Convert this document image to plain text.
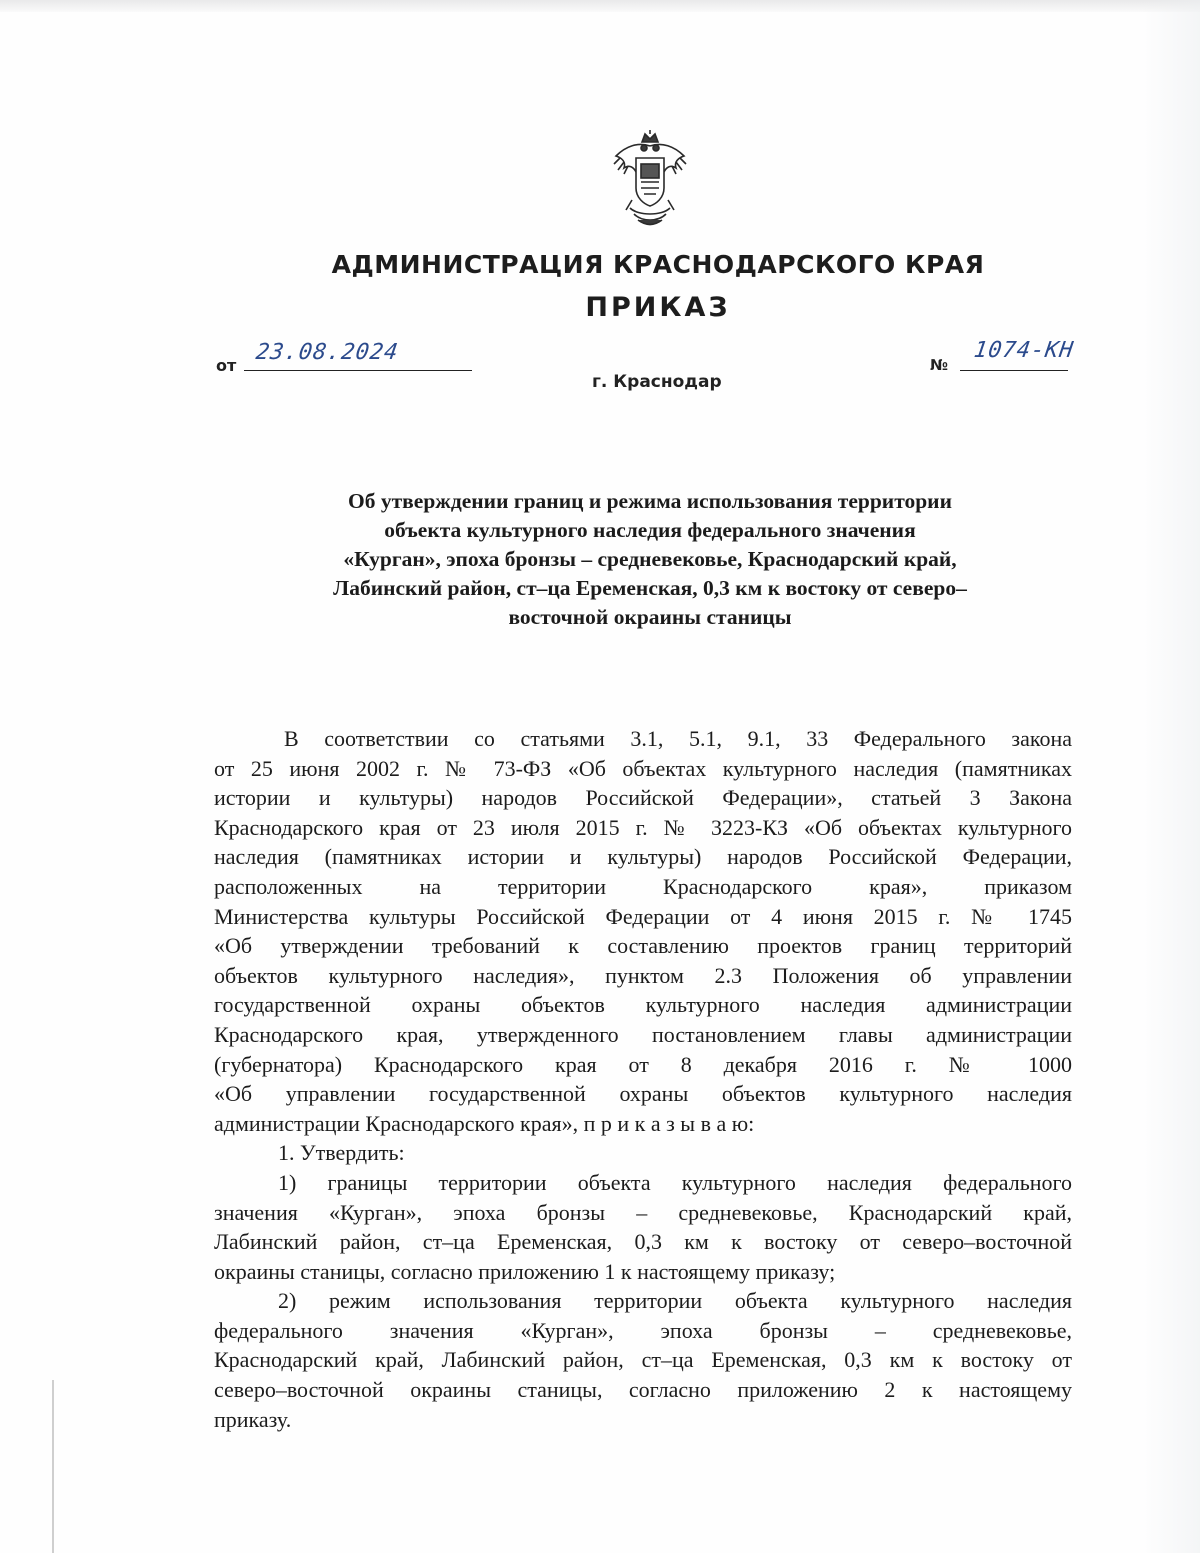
АДМИНИСТРАЦИЯ КРАСНОДАРСКОГО КРАЯ
ПРИКАЗ
от
23.08.2024	№
1074-КН
г. Краснодар
Об утверждении границ и режима использования территории
объекта культурного наследия федерального значения
«Курган», эпоха бронзы – средневековье, Краснодарский край,
Лабинский район, ст–ца Еременская, 0,3 км к востоку от северо–
восточной окраины станицы
В соответствии со статьями 3.1, 5.1, 9.1, 33 Федерального закона
от 25 июня 2002 г. № 73-ФЗ «Об объектах культурного наследия (памятниках
истории и культуры) народов Российской Федерации», статьей 3 Закона
Краснодарского края от 23 июля 2015 г. № 3223-КЗ «Об объектах культурного
наследия (памятниках истории и культуры) народов Российской Федерации,
расположенных на территории Краснодарского края», приказом
Министерства культуры Российской Федерации от 4 июня 2015 г. № 1745
«Об утверждении требований к составлению проектов границ территорий
объектов культурного наследия», пунктом 2.3 Положения об управлении
государственной охраны объектов культурного наследия администрации
Краснодарского края, утвержденного постановлением главы администрации
(губернатора) Краснодарского края от 8 декабря 2016 г. № 1000
«Об управлении государственной охраны объектов культурного наследия
администрации Краснодарского края», п р и к а з ы в а ю:
1. Утвердить:
1) границы территории объекта культурного наследия федерального
значения «Курган», эпоха бронзы – средневековье, Краснодарский край,
Лабинский район, ст–ца Еременская, 0,3 км к востоку от северо–восточной
окраины станицы, согласно приложению 1 к настоящему приказу;
2) режим использования территории объекта культурного наследия
федерального значения «Курган», эпоха бронзы – средневековье,
Краснодарский край, Лабинский район, ст–ца Еременская, 0,3 км к востоку от
северо–восточной окраины станицы, согласно приложению 2 к настоящему
приказу.
